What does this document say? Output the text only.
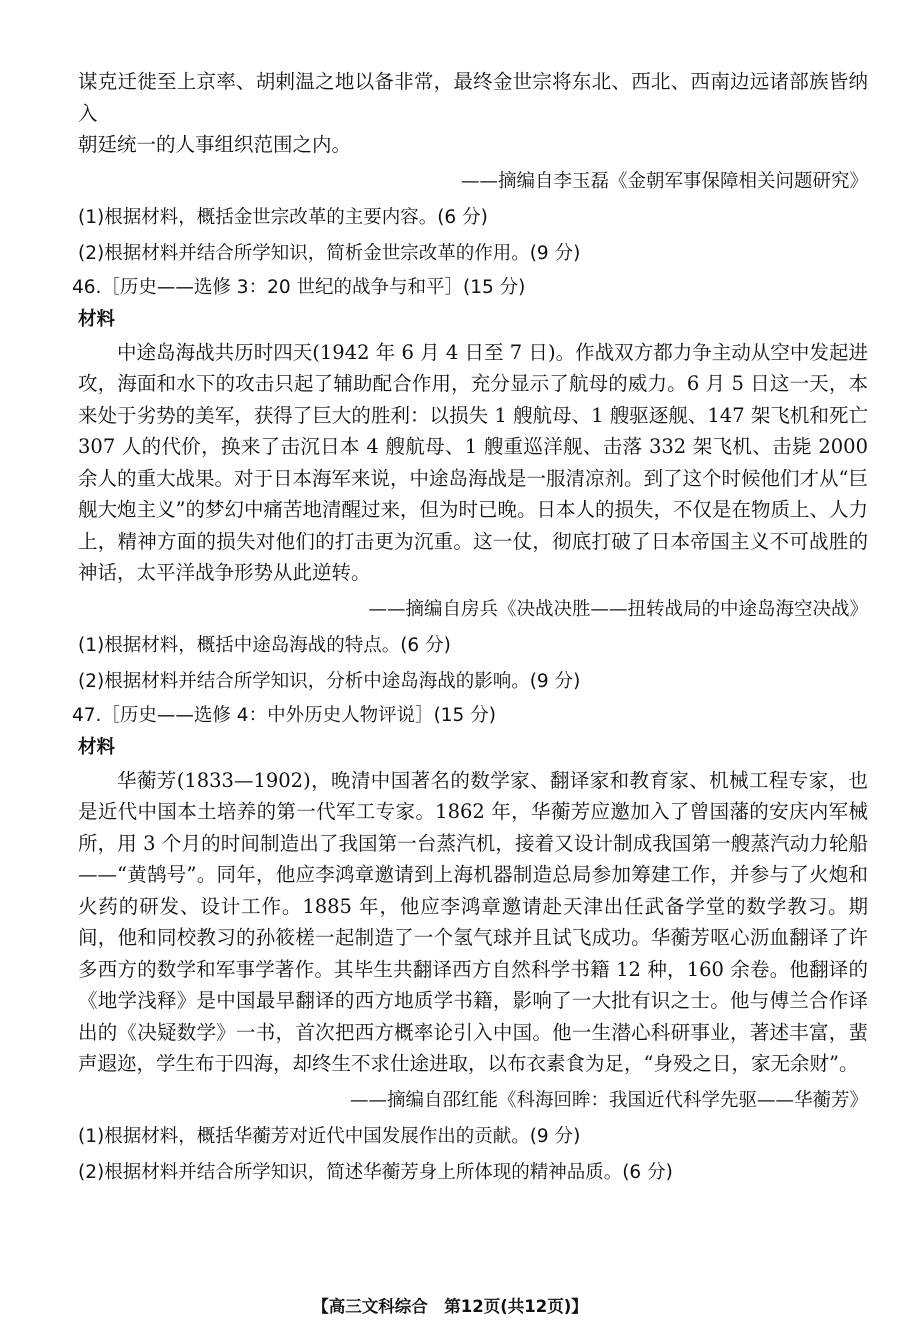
谋克迁徙至上京率、胡剌温之地以备非常，最终金世宗将东北、西北、西南边远诸部族皆纳入

朝廷统一的人事组织范围之内。

——摘编自李玉磊《金朝军事保障相关问题研究》

(1)根据材料，概括金世宗改革的主要内容。(6 分)

(2)根据材料并结合所学知识，简析金世宗改革的作用。(9 分)

46.［历史——选修 3：20 世纪的战争与和平］(15 分)

材料

中途岛海战共历时四天(1942 年 6 月 4 日至 7 日)。作战双方都力争主动从空中发起进攻，海面和水下的攻击只起了辅助配合作用，充分显示了航母的威力。6 月 5 日这一天，本来处于劣势的美军，获得了巨大的胜利：以损失 1 艘航母、1 艘驱逐舰、147 架飞机和死亡 307 人的代价，换来了击沉日本 4 艘航母、1 艘重巡洋舰、击落 332 架飞机、击毙 2000 余人的重大战果。对于日本海军来说，中途岛海战是一服清凉剂。到了这个时候他们才从“巨舰大炮主义”的梦幻中痛苦地清醒过来，但为时已晚。日本人的损失，不仅是在物质上、人力上，精神方面的损失对他们的打击更为沉重。这一仗，彻底打破了日本帝国主义不可战胜的神话，太平洋战争形势从此逆转。

——摘编自房兵《决战决胜——扭转战局的中途岛海空决战》

(1)根据材料，概括中途岛海战的特点。(6 分)

(2)根据材料并结合所学知识，分析中途岛海战的影响。(9 分)

47.［历史——选修 4：中外历史人物评说］(15 分)

材料

华蘅芳(1833—1902)，晚清中国著名的数学家、翻译家和教育家、机械工程专家，也是近代中国本土培养的第一代军工专家。1862 年，华蘅芳应邀加入了曾国藩的安庆内军械所，用 3 个月的时间制造出了我国第一台蒸汽机，接着又设计制成我国第一艘蒸汽动力轮船——“黄鹄号”。同年，他应李鸿章邀请到上海机器制造总局参加筹建工作，并参与了火炮和火药的研发、设计工作。1885 年，他应李鸿章邀请赴天津出任武备学堂的数学教习。期间，他和同校教习的孙筱槎一起制造了一个氢气球并且试飞成功。华蘅芳呕心沥血翻译了许多西方的数学和军事学著作。其毕生共翻译西方自然科学书籍 12 种，160 余卷。他翻译的《地学浅释》是中国最早翻译的西方地质学书籍，影响了一大批有识之士。他与傅兰合作译出的《决疑数学》一书，首次把西方概率论引入中国。他一生潜心科研事业，著述丰富，蜚声遐迩，学生布于四海，却终生不求仕途进取，以布衣素食为足，“身殁之日，家无余财”。

——摘编自邵红能《科海回眸：我国近代科学先驱——华蘅芳》

(1)根据材料，概括华蘅芳对近代中国发展作出的贡献。(9 分)

(2)根据材料并结合所学知识，简述华蘅芳身上所体现的精神品质。(6 分)

【高三文科综合　第12页(共12页)】
